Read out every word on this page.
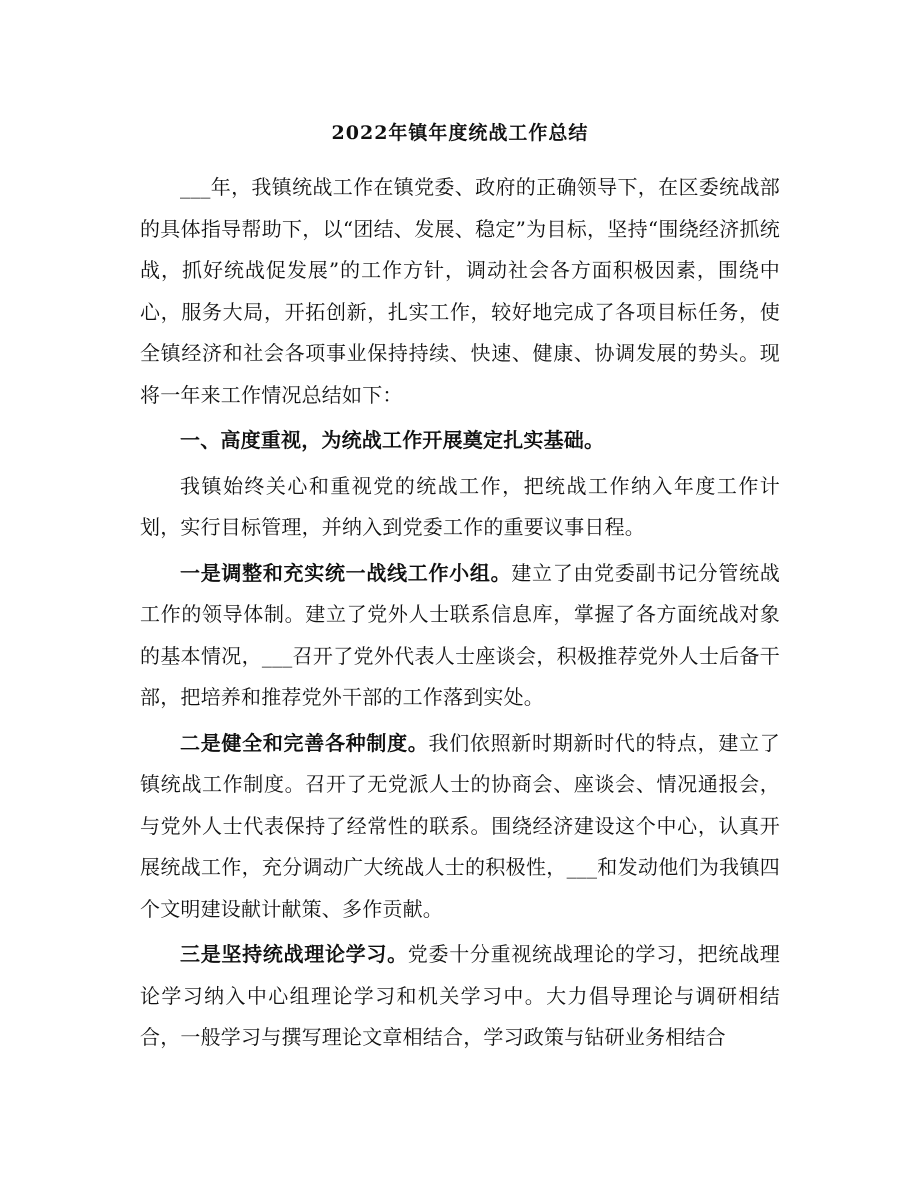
2022年镇年度统战工作总结

___年，我镇统战工作在镇党委、政府的正确领导下，在区委统战部的具体指导帮助下，以“团结、发展、稳定”为目标，坚持“围绕经济抓统战，抓好统战促发展”的工作方针，调动社会各方面积极因素，围绕中心，服务大局，开拓创新，扎实工作，较好地完成了各项目标任务，使全镇经济和社会各项事业保持持续、快速、健康、协调发展的势头。现将一年来工作情况总结如下：

一、高度重视，为统战工作开展奠定扎实基础。

我镇始终关心和重视党的统战工作，把统战工作纳入年度工作计划，实行目标管理，并纳入到党委工作的重要议事日程。

一是调整和充实统一战线工作小组。建立了由党委副书记分管统战工作的领导体制。建立了党外人士联系信息库，掌握了各方面统战对象的基本情况，___召开了党外代表人士座谈会，积极推荐党外人士后备干部，把培养和推荐党外干部的工作落到实处。

二是健全和完善各种制度。我们依照新时期新时代的特点，建立了镇统战工作制度。召开了无党派人士的协商会、座谈会、情况通报会，与党外人士代表保持了经常性的联系。围绕经济建设这个中心，认真开展统战工作，充分调动广大统战人士的积极性，___和发动他们为我镇四个文明建设献计献策、多作贡献。

三是坚持统战理论学习。党委十分重视统战理论的学习，把统战理论学习纳入中心组理论学习和机关学习中。大力倡导理论与调研相结合，一般学习与撰写理论文章相结合，学习政策与钻研业务相结合
